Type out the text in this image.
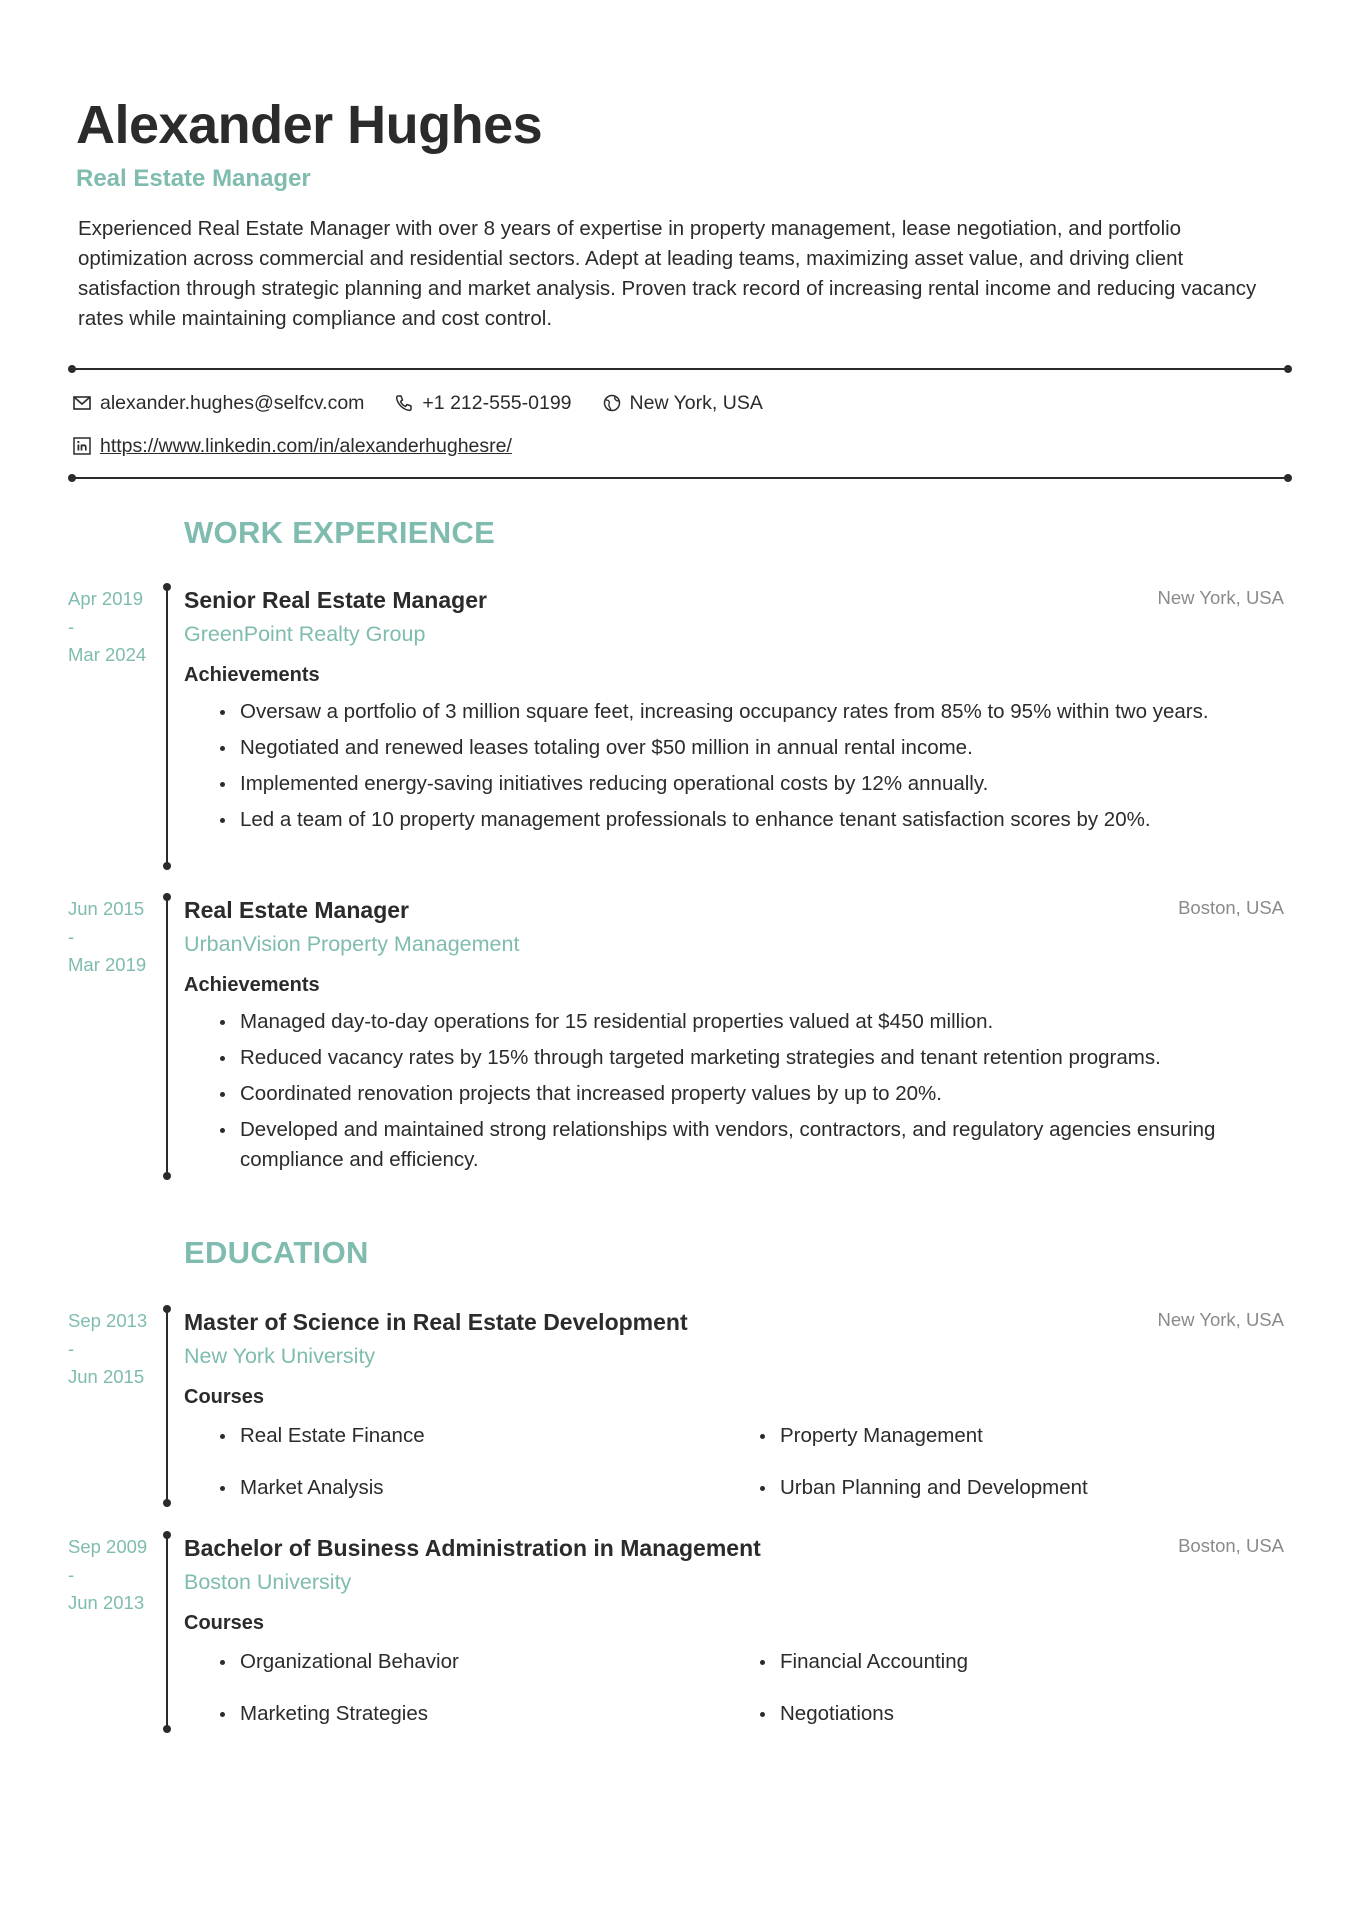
Alexander Hughes
Real Estate Manager
Experienced Real Estate Manager with over 8 years of expertise in property management, lease negotiation, and portfolio optimization across commercial and residential sectors. Adept at leading teams, maximizing asset value, and driving client satisfaction through strategic planning and market analysis. Proven track record of increasing rental income and reducing vacancy rates while maintaining compliance and cost control.
alexander.hughes@selfcv.com	+1 212-555-0199	New York, USA
https://www.linkedin.com/in/alexanderhughesre/
WORK EXPERIENCE
Apr 2019
-
Mar 2024
Senior Real Estate Manager
GreenPoint Realty Group
Achievements
Oversaw a portfolio of 3 million square feet, increasing occupancy rates from 85% to 95% within two years.
Negotiated and renewed leases totaling over $50 million in annual rental income.
Implemented energy-saving initiatives reducing operational costs by 12% annually.
Led a team of 10 property management professionals to enhance tenant satisfaction scores by 20%.
New York, USA
Jun 2015
-
Mar 2019
Real Estate Manager
UrbanVision Property Management
Achievements
Managed day-to-day operations for 15 residential properties valued at $450 million.
Reduced vacancy rates by 15% through targeted marketing strategies and tenant retention programs.
Coordinated renovation projects that increased property values by up to 20%.
Developed and maintained strong relationships with vendors, contractors, and regulatory agencies ensuring compliance and efficiency.
Boston, USA
EDUCATION
Sep 2013
-
Jun 2015
Master of Science in Real Estate Development
New York University
Courses
Real Estate Finance	Property Management
Market Analysis	Urban Planning and Development
New York, USA
Sep 2009
-
Jun 2013
Bachelor of Business Administration in Management
Boston University
Courses
Organizational Behavior	Financial Accounting
Marketing Strategies	Negotiations
Boston, USA
